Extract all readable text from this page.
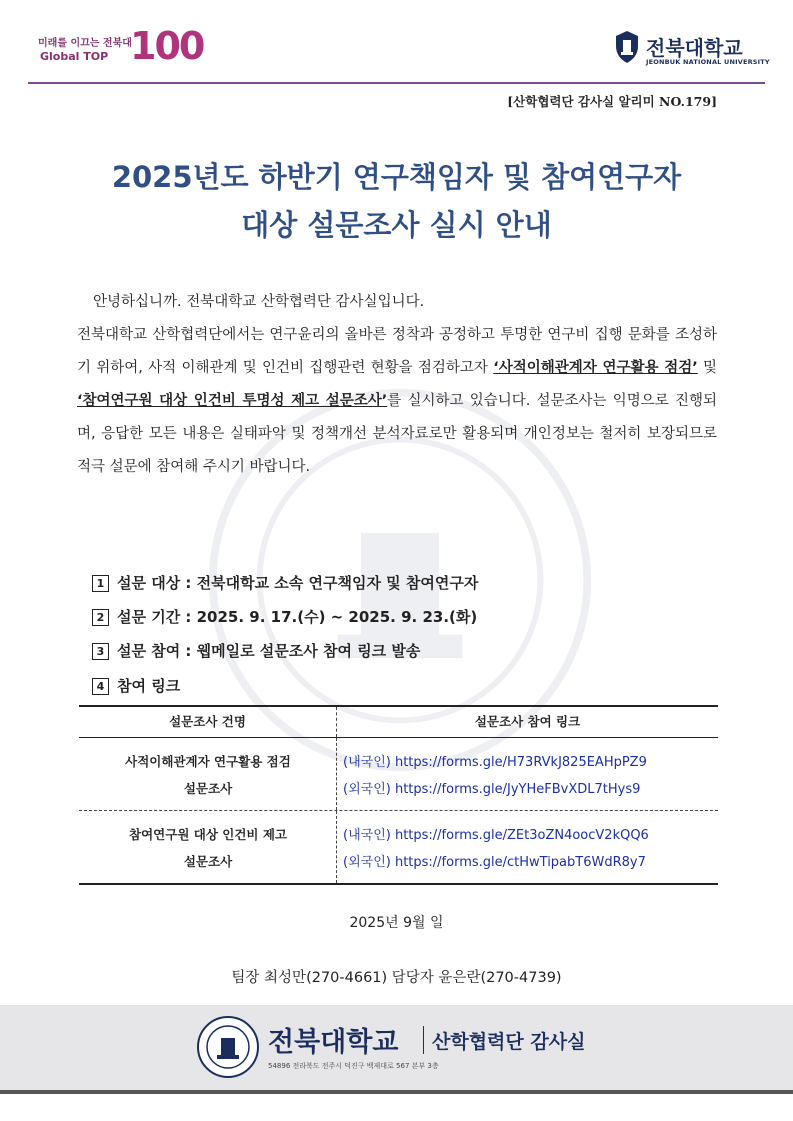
미래를 이끄는 전북대
Global TOP 100	전북대학교
JEONBUK NATIONAL UNIVERSITY
[산학협력단 감사실 알리미 NO.179]
2025년도 하반기 연구책임자 및 참여연구자
대상 설문조사 실시 안내

안녕하십니까. 전북대학교 산학협력단 감사실입니다.

전북대학교 산학협력단에서는 연구윤리의 올바른 정착과 공정하고 투명한 연구비 집행 문화를 조성하기 위하여, 사적 이해관계 및 인건비 집행관련 현황을 점검하고자 ‘사적이해관계자 연구활용 점검’ 및 ‘참여연구원 대상 인건비 투명성 제고 설문조사’를 실시하고 있습니다. 설문조사는 익명으로 진행되며, 응답한 모든 내용은 실태파악 및 정책개선 분석자료로만 활용되며 개인정보는 철저히 보장되므로 적극 설문에 참여해 주시기 바랍니다.

1 설문 대상 : 전북대학교 소속 연구책임자 및 참여연구자
2 설문 기간 : 2025. 9. 17.(수) ~ 2025. 9. 23.(화)
3 설문 참여 : 웹메일로 설문조사 참여 링크 발송
4 참여 링크
설문조사 건명	설문조사 참여 링크
사적이해관계자 연구활용 점검
설문조사
(내국인) https://forms.gle/H73RVkJ825EAHpPZ9
(외국인) https://forms.gle/JyYHeFBvXDL7tHys9
참여연구원 대상 인건비 제고
설문조사
(내국인) https://forms.gle/ZEt3oZN4oocV2kQQ6
(외국인) https://forms.gle/ctHwTipabT6WdR8y7
2025년 9월 일
팀장 최성만(270-4661) 담당자 윤은란(270-4739)
전북대학교 산학협력단 감사실
54896 전라북도 전주시 덕진구 백제대로 567 본부 3층
